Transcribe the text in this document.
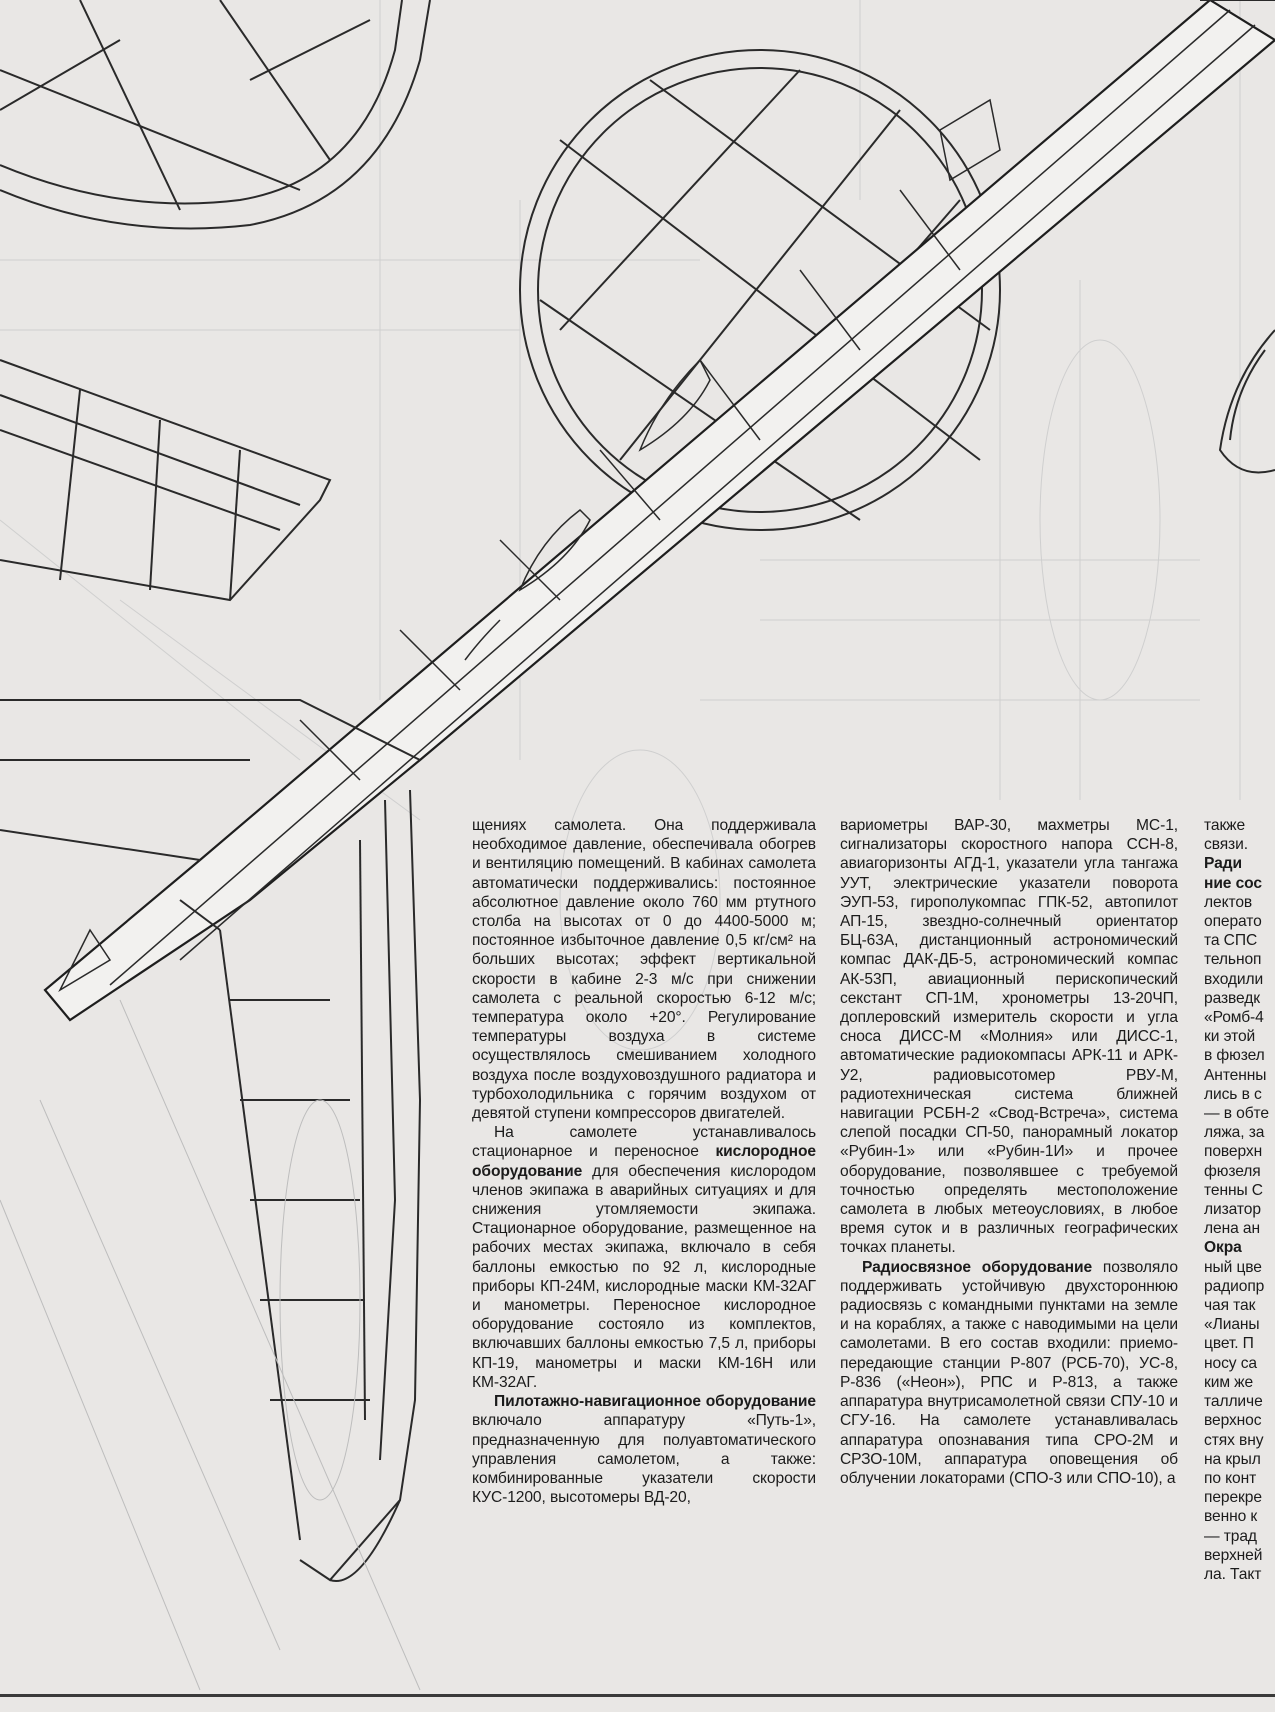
щениях самолета. Она поддерживала необходимое давление, обеспечивала обогрев и вентиляцию помещений. В кабинах самолета автоматически поддерживались: постоянное абсолютное давление около 760 мм ртутного столба на высотах от 0 до 4400-5000 м; постоянное избыточное давление 0,5 кг/см² на больших высотах; эффект вертикальной скорости в кабине 2-3 м/с при снижении самолета с реальной скоростью 6-12 м/с; температура около +20°. Регулирование температуры воздуха в системе осуществлялось смешиванием холодного воздуха после воздуховоздушного радиатора и турбохолодильника с горячим воздухом от девятой ступени компрессоров двигателей.

На самолете устанавливалось стационарное и переносное кислородное оборудование для обеспечения кислородом членов экипажа в аварийных ситуациях и для снижения утомляемости экипажа. Стационарное оборудование, размещенное на рабочих местах экипажа, включало в себя баллоны емкостью по 92 л, кислородные приборы КП-24М, кислородные маски КМ-32АГ и манометры. Переносное кислородное оборудование состояло из комплектов, включавших баллоны емкостью 7,5 л, приборы КП-19, манометры и маски КМ-16Н или КМ-32АГ.

Пилотажно-навигационное оборудование включало аппаратуру «Путь-1», предназначенную для полуавтоматического управления самолетом, а также: комбинированные указатели скорости КУС-1200, высотомеры ВД-20,

вариометры ВАР-30, махметры МС-1, сигнализаторы скоростного напора ССН-8, авиагоризонты АГД-1, указатели угла тангажа УУТ, электрические указатели поворота ЭУП-53, гирополукомпас ГПК-52, автопилот АП-15, звездно-солнечный ориентатор БЦ-63А, дистанционный астрономический компас ДАК-ДБ-5, астрономический компас АК-53П, авиационный перископический секстант СП-1М, хронометры 13-20ЧП, доплеровский измеритель скорости и угла сноса ДИСС-М «Молния» или ДИСС-1, автоматические радиокомпасы АРК-11 и АРК-У2, радиовысотомер РВУ-М, радиотехническая система ближней навигации РСБН-2 «Свод-Встреча», система слепой посадки СП-50, панорамный локатор «Рубин-1» или «Рубин-1И» и прочее оборудование, позволявшее с требуемой точностью определять местоположение самолета в любых метеоусловиях, в любое время суток и в различных географических точках планеты.

Радиосвязное оборудование позволяло поддерживать устойчивую двухстороннюю радиосвязь с командными пунктами на земле и на кораблях, а также с наводимыми на цели самолетами. В его состав входили: приемо-передающие станции Р-807 (РСБ-70), УС-8, Р-836 («Неон»), РПС и Р-813, а также аппаратура внутрисамолетной связи СПУ-10 и СГУ-16. На самолете устанавливалась аппаратура опознавания типа СРО-2М и СРЗО-10М, аппаратура оповещения об облучении локаторами (СПО-3 или СПО-10), а

также
связи.
Ради
ние сос
лектов
операто
та СПС
тельноп
входили
разведк
«Ромб-4
ки этой
в фюзел
Антенны
лись в с
— в обте
ляжа, за
поверхн
фюзеля
тенны С
лизатор
лена ан
Окра
ный цве
радиопр
чая так
«Лианы
цвет. П
носу са
ким же
талличе
верхнос
стях вну
на крыл
по конт
перекре
венно к
— трад
верхней
ла. Такт
